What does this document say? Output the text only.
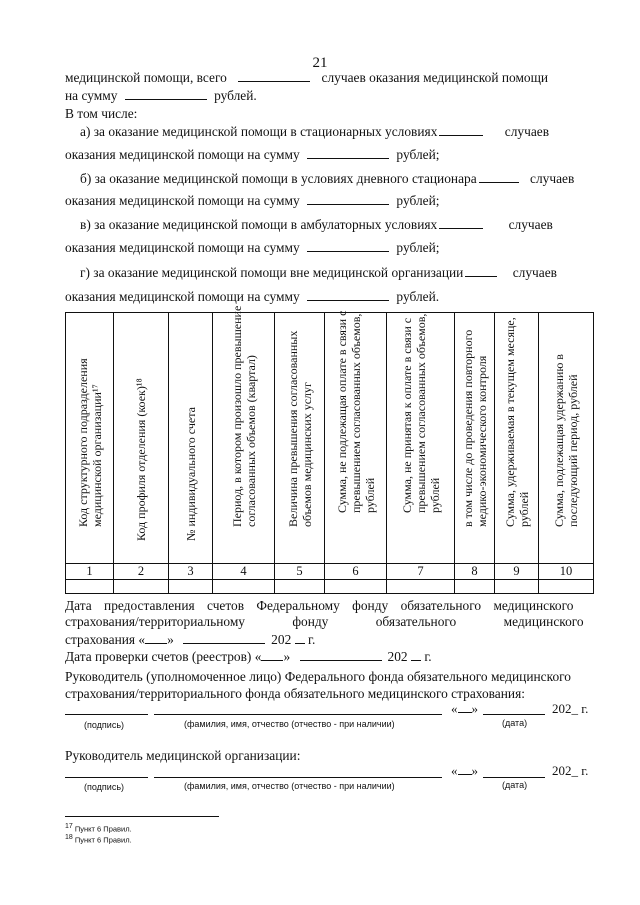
21
медицинской помощи, всего	случаев оказания медицинской помощи
на сумму	рублей.
В том числе:
а) за оказание медицинской помощи в стационарных условиях	случаев
оказания медицинской помощи на сумму	рублей;
б) за оказание медицинской помощи в условиях дневного стационара	случаев
оказания медицинской помощи на сумму	рублей;
в) за оказание медицинской помощи в амбулаторных условиях	случаев
оказания медицинской помощи на сумму	рублей;
г) за оказание медицинской помощи вне медицинской организации	случаев
оказания медицинской помощи на сумму	рублей.
Код структурного подразделения медицинской организации¹⁷	Код профиля отделения (коек)¹⁸	№ индивидуального счета	Период, в котором произошло превышение согласованных объемов (квартал)	Величина превышения согласованных объемов медицинских услуг	Сумма, не подлежащая оплате в связи с превышением согласованных объемов, рублей	Сумма, не принятая к оплате в связи с превышением согласованных объемов, рублей	в том числе до проведения повторного медико-экономического контроля	Сумма, удерживаемая в текущем месяце, рублей	Сумма, подлежащая удержанию в последующий период, рублей

1	2	3	4	5	6	7	8	9	10

Дата предоставления счетов Федеральному фонду обязательного медицинского
страхования/территориальному фонду обязательного медицинского
страхования « »	202 г.
Дата проверки счетов (реестров) « »	202 г.
Руководитель (уполномоченное лицо) Федерального фонда обязательного медицинского
страхования/территориального фонда обязательного медицинского страхования:
« »	202_ г.
(подпись)	(фамилия, имя, отчество (отчество - при наличии)	(дата)
Руководитель медицинской организации:
« »	202_ г.
(подпись)	(фамилия, имя, отчество (отчество - при наличии)	(дата)
$^{17}$ Пункт 6 Правил.
$^{18}$ Пункт 6 Правил.
